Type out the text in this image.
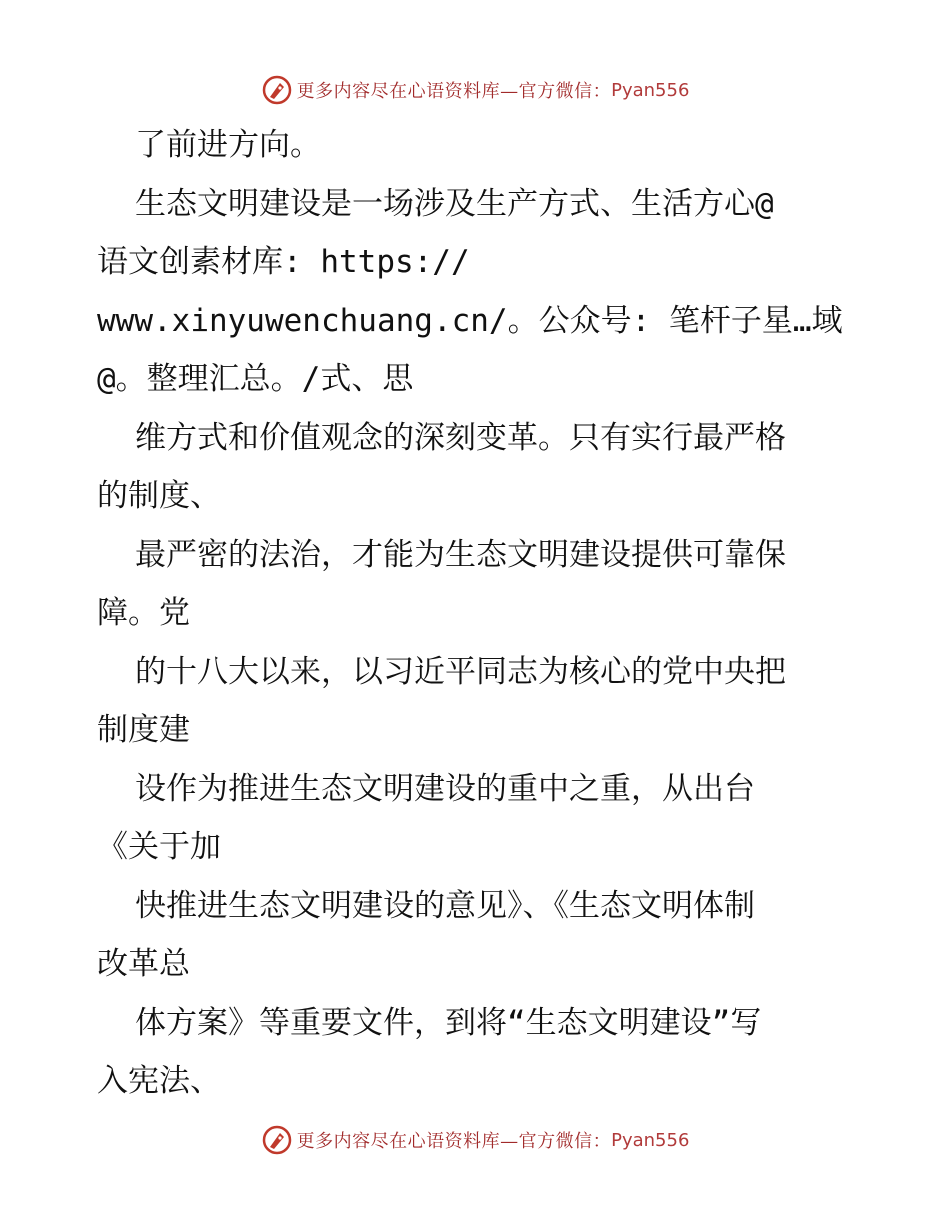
更多内容尽在心语资料库—官方微信： Pyan556
了前进方向。
生态文明建设是一场涉及生产方式、生活方心@
语文创素材库: https://
www.xinyuwenchuang.cn/。公众号: 笔杆子星…域
@。整理汇总。/式、思
维方式和价值观念的深刻变革。只有实行最严格
的制度、
最严密的法治，才能为生态文明建设提供可靠保
障。党
的十八大以来，以习近平同志为核心的党中央把
制度建
设作为推进生态文明建设的重中之重，从出台
《关于加
快推进生态文明建设的意见》、《生态文明体制
改革总
体方案》等重要文件，到将“生态文明建设”写
入宪法、
更多内容尽在心语资料库—官方微信： Pyan556
